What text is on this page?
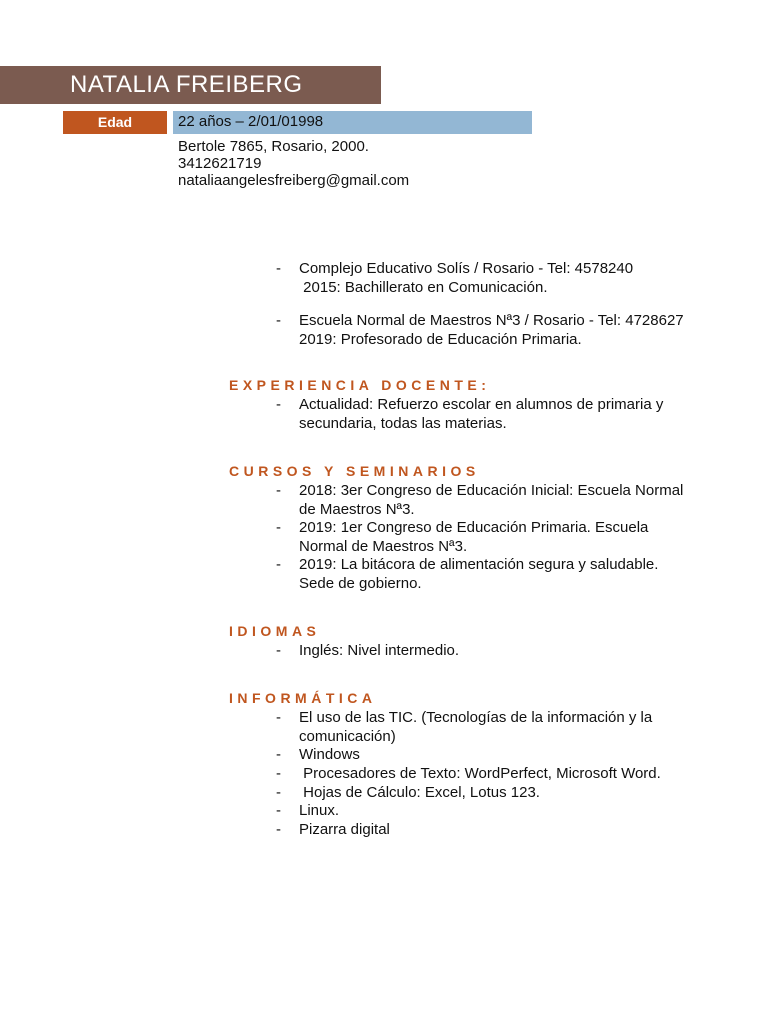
NATALIA FREIBERG
Edad	22 años – 2/01/01998
Bertole 7865, Rosario, 2000.
3412621719
nataliaangelesfreiberg@gmail.com
- Complejo Educativo Solís / Rosario - Tel: 4578240
2015: Bachillerato en Comunicación.
- Escuela Normal de Maestros Nª3 / Rosario - Tel: 4728627
2019: Profesorado de Educación Primaria.
EXPERIENCIA DOCENTE:
- Actualidad: Refuerzo escolar en alumnos de primaria y secundaria, todas las materias.
CURSOS Y SEMINARIOS
- 2018: 3er Congreso de Educación Inicial: Escuela Normal de Maestros Nª3.
- 2019: 1er Congreso de Educación Primaria. Escuela Normal de Maestros Nª3.
- 2019: La bitácora de alimentación segura y saludable. Sede de gobierno.
IDIOMAS
- Inglés: Nivel intermedio.
INFORMÁTICA
- El uso de las TIC. (Tecnologías de la información y la comunicación)
- Windows
- Procesadores de Texto: WordPerfect, Microsoft Word.
- Hojas de Cálculo: Excel, Lotus 123.
- Linux.
- Pizarra digital
